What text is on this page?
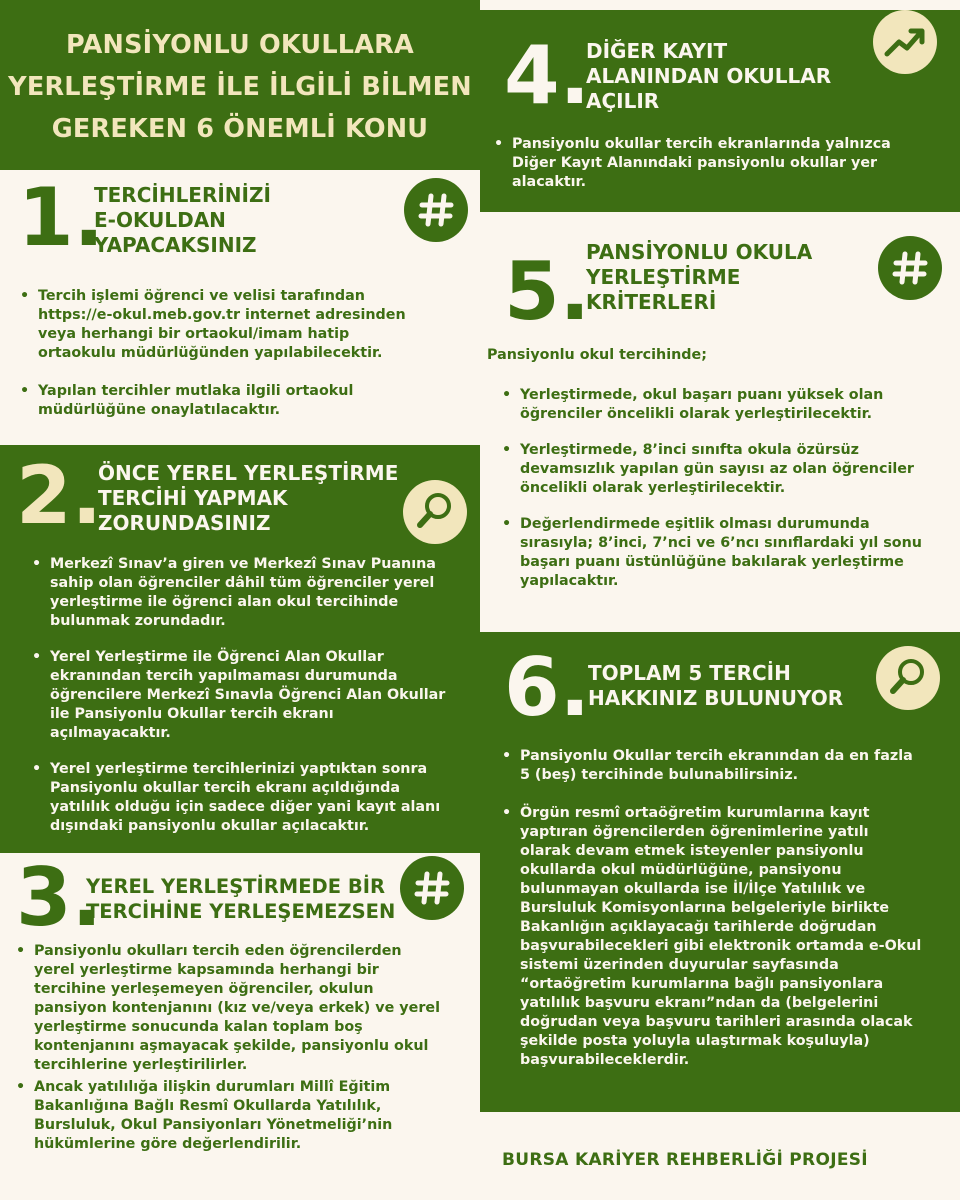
PANSİYONLU OKULLARA
YERLEŞTİRME İLE İLGİLİ BİLMEN
GEREKEN 6 ÖNEMLİ KONU
1.
TERCİHLERİNİZİ
E-OKULDAN
YAPACAKSINIZ
• Tercih işlemi öğrenci ve velisi tarafından
https://e-okul.meb.gov.tr internet adresinden
veya herhangi bir ortaokul/imam hatip
ortaokulu müdürlüğünden yapılabilecektir.
• Yapılan tercihler mutlaka ilgili ortaokul
müdürlüğüne onaylatılacaktır.
2.
ÖNCE YEREL YERLEŞTİRME
TERCİHİ YAPMAK
ZORUNDASINIZ
• Merkezî Sınav’a giren ve Merkezî Sınav Puanına
sahip olan öğrenciler dâhil tüm öğrenciler yerel
yerleştirme ile öğrenci alan okul tercihinde
bulunmak zorundadır.
• Yerel Yerleştirme ile Öğrenci Alan Okullar
ekranından tercih yapılmaması durumunda
öğrencilere Merkezî Sınavla Öğrenci Alan Okullar
ile Pansiyonlu Okullar tercih ekranı
açılmayacaktır.
• Yerel yerleştirme tercihlerinizi yaptıktan sonra
Pansiyonlu okullar tercih ekranı açıldığında
yatılılık olduğu için sadece diğer yani kayıt alanı
dışındaki pansiyonlu okullar açılacaktır.
3.
YEREL YERLEŞTİRMEDE BİR
TERCİHİNE YERLEŞEMEZSEN
• Pansiyonlu okulları tercih eden öğrencilerden
yerel yerleştirme kapsamında herhangi bir
tercihine yerleşemeyen öğrenciler, okulun
pansiyon kontenjanını (kız ve/veya erkek) ve yerel
yerleştirme sonucunda kalan toplam boş
kontenjanını aşmayacak şekilde, pansiyonlu okul
tercihlerine yerleştirilirler.
• Ancak yatılılığa ilişkin durumları Millî Eğitim
Bakanlığına Bağlı Resmî Okullarda Yatılılık,
Bursluluk, Okul Pansiyonları Yönetmeliği’nin
hükümlerine göre değerlendirilir.
4.
DİĞER KAYIT
ALANINDAN OKULLAR
AÇILIR
• Pansiyonlu okullar tercih ekranlarında yalnızca
Diğer Kayıt Alanındaki pansiyonlu okullar yer
alacaktır.
5.
PANSİYONLU OKULA
YERLEŞTİRME
KRİTERLERİ
Pansiyonlu okul tercihinde;
• Yerleştirmede, okul başarı puanı yüksek olan
öğrenciler öncelikli olarak yerleştirilecektir.
• Yerleştirmede, 8’inci sınıfta okula özürsüz
devamsızlık yapılan gün sayısı az olan öğrenciler
öncelikli olarak yerleştirilecektir.
• Değerlendirmede eşitlik olması durumunda
sırasıyla; 8’inci, 7’nci ve 6’ncı sınıflardaki yıl sonu
başarı puanı üstünlüğüne bakılarak yerleştirme
yapılacaktır.
6.
TOPLAM 5 TERCİH
HAKKINIZ BULUNUYOR
• Pansiyonlu Okullar tercih ekranından da en fazla
5 (beş) tercihinde bulunabilirsiniz.
• Örgün resmî ortaöğretim kurumlarına kayıt
yaptıran öğrencilerden öğrenimlerine yatılı
olarak devam etmek isteyenler pansiyonlu
okullarda okul müdürlüğüne, pansiyonu
bulunmayan okullarda ise İl/İlçe Yatılılık ve
Bursluluk Komisyonlarına belgeleriyle birlikte
Bakanlığın açıklayacağı tarihlerde doğrudan
başvurabilecekleri gibi elektronik ortamda e-Okul
sistemi üzerinden duyurular sayfasında
“ortaöğretim kurumlarına bağlı pansiyonlara
yatılılık başvuru ekranı”ndan da (belgelerini
doğrudan veya başvuru tarihleri arasında olacak
şekilde posta yoluyla ulaştırmak koşuluyla)
başvurabileceklerdir.
BURSA KARİYER REHBERLİĞİ PROJESİ
